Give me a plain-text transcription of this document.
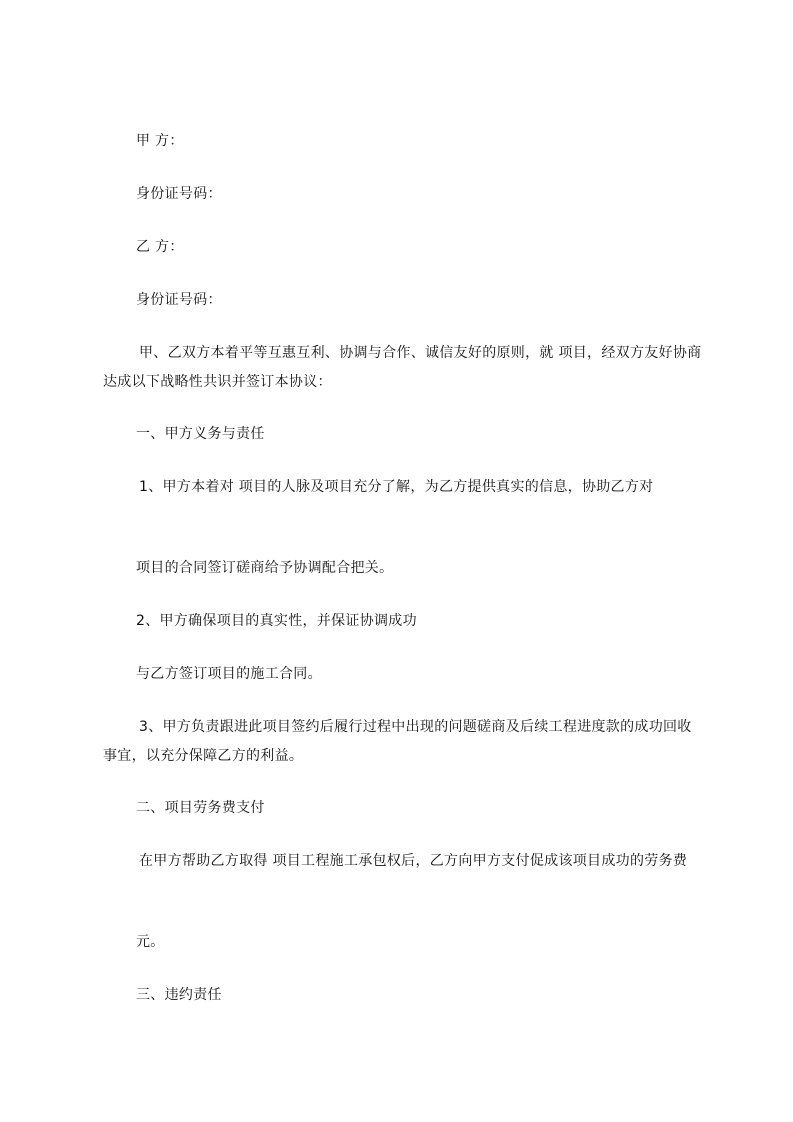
甲 方：
身份证号码：
乙 方：
身份证号码：
甲、乙双方本着平等互惠互利、协调与合作、诚信友好的原则，就 项目，经双方友好协商达成以下战略性共识并签订本协议：
一、甲方义务与责任
1、甲方本着对 项目的人脉及项目充分了解，为乙方提供真实的信息，协助乙方对
项目的合同签订磋商给予协调配合把关。
2、甲方确保项目的真实性，并保证协调成功
与乙方签订项目的施工合同。
3、甲方负责跟进此项目签约后履行过程中出现的问题磋商及后续工程进度款的成功回收事宜，以充分保障乙方的利益。
二、项目劳务费支付
在甲方帮助乙方取得 项目工程施工承包权后，乙方向甲方支付促成该项目成功的劳务费
元。
三、违约责任
